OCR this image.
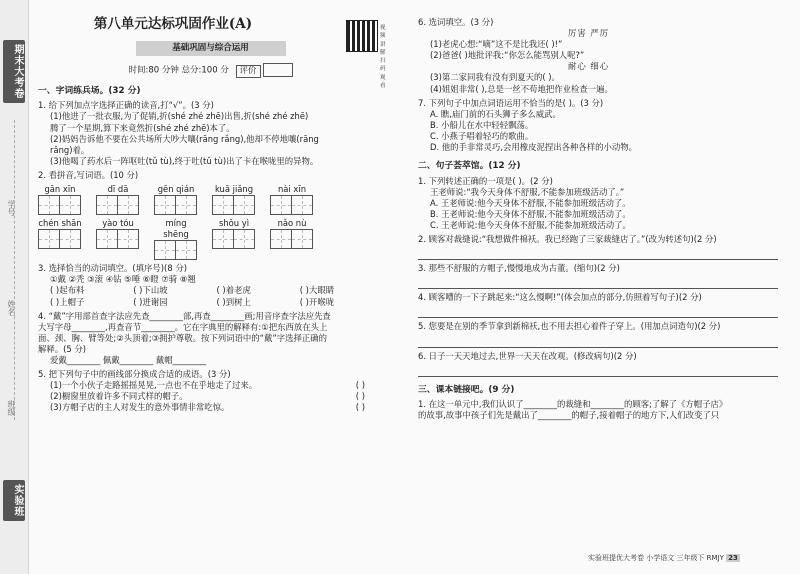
期末大考卷
学号
姓名
班级
实验班
第八单元达标巩固作业(A)	视频讲解
扫码观看
基础巩固与综合运用
时间:80 分钟 总分:100 分 评价
一、字词练兵场。(32 分)
1. 给下列加点字选择正确的读音,打“√”。(3 分)
(1)他进了一批衣服,为了促销,折(shé zhé zhē)出售,折(shé zhé zhē)
腾了一个星期,算下来竟然折(shé zhé zhē)本了。
(2)妈妈告诉他不要在公共场所大吵大嚷(rāng rǎng),他却不停地嚷(rāng
rǎng)着。
(3)他喝了药水后一阵呕吐(tǔ tù),终于吐(tǔ tù)出了卡在喉咙里的异物。
2. 看拼音,写词语。(10 分)
gān xīn	dī dā	gēn qián	kuā jiǎng	nài xīn
chén shān	yào tóu	míng shēng
shǒu yì	nǎo nù
3. 选择恰当的动词填空。(填序号)(8 分)
①戴 ②秃 ③滚 ④钻 ⑤唾 ⑥瞪 ⑦骑 ⑧翘
( )起布料	( )下山坡	( )着老虎	( )大眼睛
( )上帽子	( )进谢园	( )到树上	( )开喉咙
4. “戴”字用部首查字法应先查________部,再查________画;用音序查字法应先查
大写字母________,再查音节________。它在字典里的解释有:①把东西放在头上
面、颈、胸、臂等处;②头顶着;③拥护尊敬。按下列词语中的“戴”字选择正确的
解释。(5 分)
爱戴________ 佩戴________ 戴帽________
5. 把下列句子中的画线部分换成合适的成语。(3 分)
(1)一个小伙子走路摇摇晃晃,一点也不在乎地走了过来。	( )
(2)橱窗里放着许多不同式样的帽子。	( )
(3)方帽子店的主人对发生的意外事情非常吃惊。	( )
6. 选词填空。(3 分)
厉害 严厉
(1)老虎心想:“嘀”这不是比我还( )!”
(2)爸爸( )地批评我:“你怎么能骂别人呢?”
耐心 细心
(3)第二家同我有没有到夏天的( )。
(4)姐姐非常( ),总是一丝不苟地把作业检查一遍。
7. 下列句子中加点词语运用不恰当的是( )。(3 分)
A. 瞧,庙门前的石头狮子多么威武。
B. 小船儿在水中轻轻飘荡。
C. 小燕子唱着轻巧的歌曲。
D. 他的手非常灵巧,会用橡皮泥捏出各种各样的小动物。
二、句子荟萃馆。(12 分)
1. 下列转述正确的一项是( )。(2 分)
王老师说:“我今天身体不舒服,不能参加班级活动了。”
A. 王老师说:他今天身体不舒服,不能参加班级活动了。
B. 王老师说:他今天身体不舒服,不能参加班级活动了。
C. 王老师说:他今天身体不舒服,不能参加班级活动了。
2. 顾客对裁缝说:“我想做件棉袄。我已经跑了三家裁缝店了。”(改为转述句)(2 分)
3. 那些不舒服的方帽子,慢慢地成为古董。(缩句)(2 分)
4. 顾客嘈的一下子跳起来:“这么慢啊!”(体会加点的部分,仿照着写句子)(2 分)
5. 您要是在别的季节拿到新棉袄,也不用去担心着件子穿上。(用加点词造句)(2 分)
6. 日子一天天地过去,世界一天天在改观。(修改病句)(2 分)
三、课本链接吧。(9 分)
1. 在这一单元中,我们认识了________的裁缝和________的顾客;了解了《方帽子店》
的故事,故事中孩子们先是戴出了________的帽子,接着帽子的地方下,人们改变了只
实验班提优大考卷 小学语文 三年级下 RMJY 23
